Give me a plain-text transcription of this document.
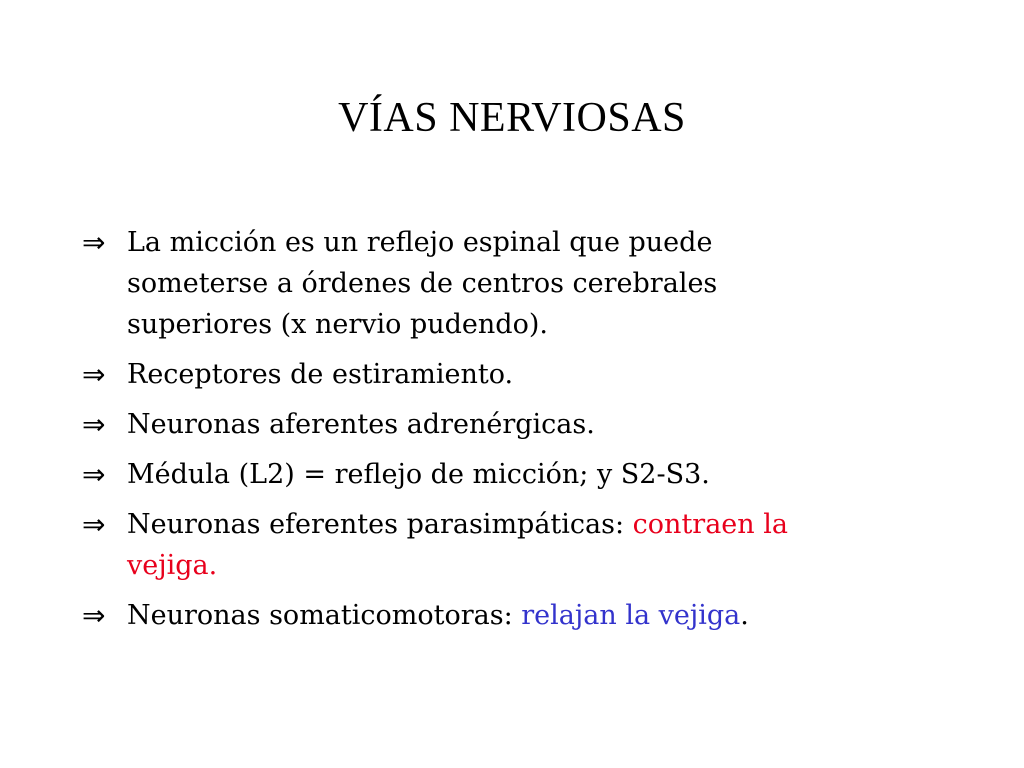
VÍAS NERVIOSAS
⇒ La micción es un reflejo espinal que puede
someterse a órdenes de centros cerebrales
superiores (x nervio pudendo).
⇒ Receptores de estiramiento.
⇒ Neuronas aferentes adrenérgicas.
⇒ Médula (L2) = reflejo de micción; y S2-S3.
⇒ Neuronas eferentes parasimpáticas: contraen la
vejiga.
⇒ Neuronas somaticomotoras: relajan la vejiga.
